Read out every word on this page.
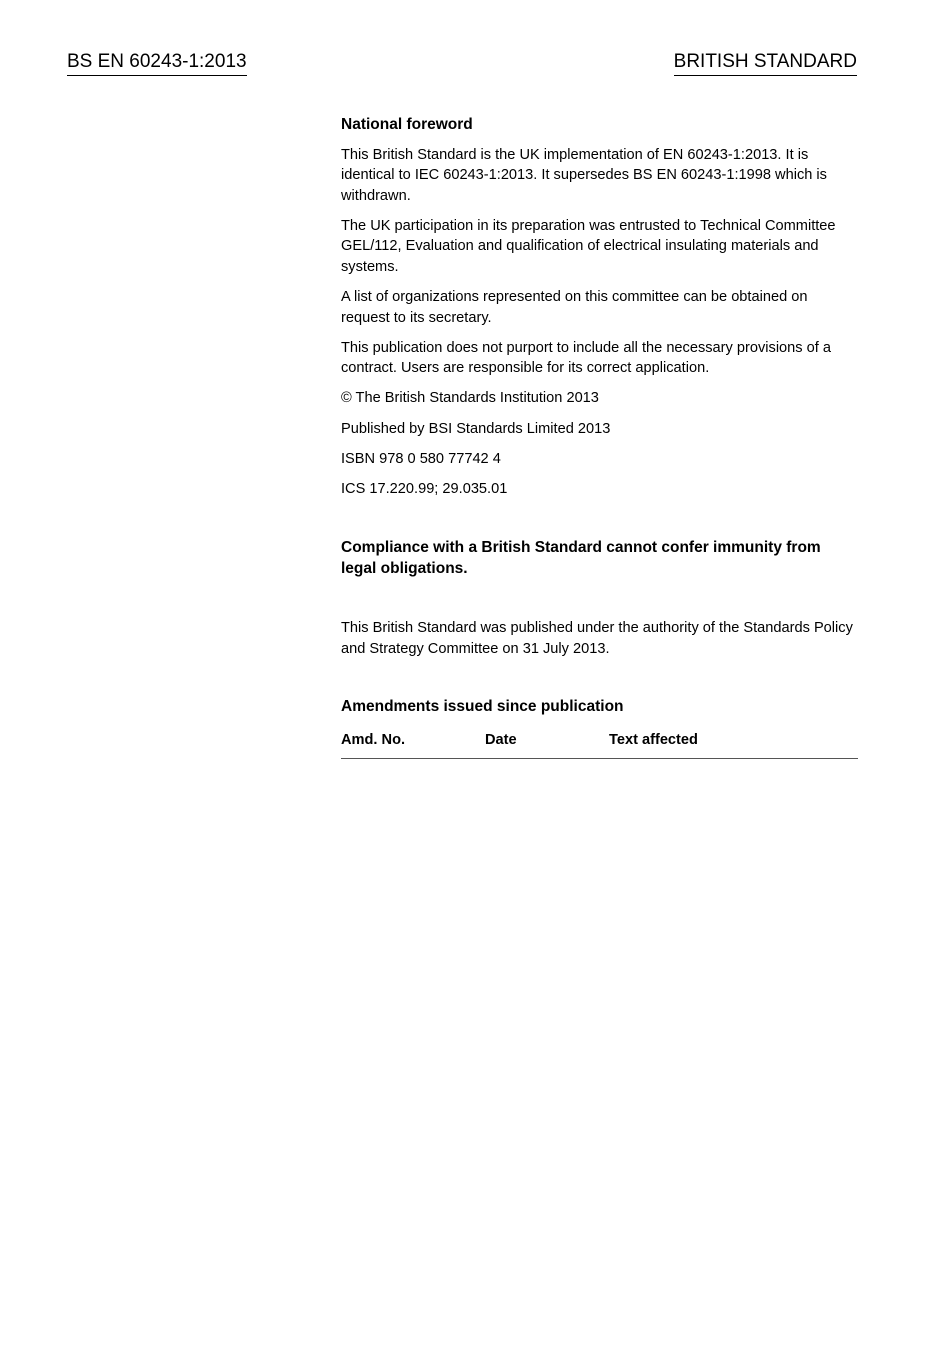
BS EN 60243-1:2013	BRITISH STANDARD

National foreword

This British Standard is the UK implementation of EN 60243-1:2013. It is identical to IEC 60243-1:2013. It supersedes BS EN 60243-1:1998 which is withdrawn.

The UK participation in its preparation was entrusted to Technical Committee GEL/112, Evaluation and qualification of electrical insulating materials and systems.

A list of organizations represented on this committee can be obtained on request to its secretary.

This publication does not purport to include all the necessary provisions of a contract. Users are responsible for its correct application.

© The British Standards Institution 2013

Published by BSI Standards Limited 2013

ISBN 978 0 580 77742 4

ICS 17.220.99; 29.035.01

Compliance with a British Standard cannot confer immunity from legal obligations.

This British Standard was published under the authority of the Standards Policy and Strategy Committee on 31 July 2013.

Amendments issued since publication
Amd. No.	Date	Text affected
